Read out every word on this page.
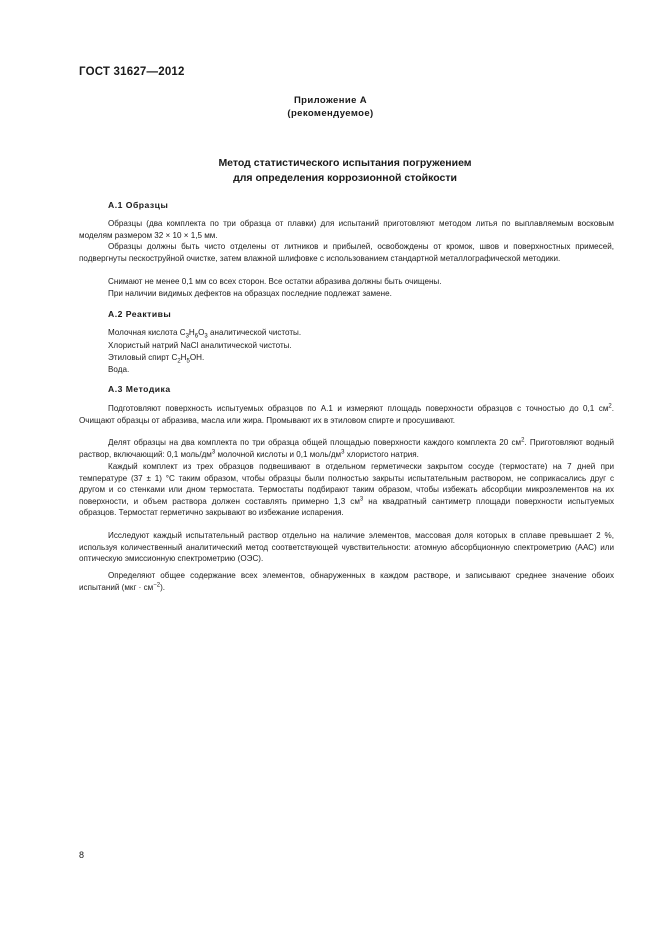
ГОСТ 31627—2012
Приложение А
(рекомендуемое)
Метод статистического испытания погружением
для определения коррозионной стойкости
А.1 Образцы
Образцы (два комплекта по три образца от плавки) для испытаний приготовляют методом литья по выплавляемым восковым моделям размером 32 × 10 × 1,5 мм.
Образцы должны быть чисто отделены от литников и прибылей, освобождены от кромок, швов и поверхностных примесей, подвергнуты пескоструйной очистке, затем влажной шлифовке с использованием стандартной металлографической методики.
Снимают не менее 0,1 мм со всех сторон. Все остатки абразива должны быть очищены.
При наличии видимых дефектов на образцах последние подлежат замене.
А.2 Реактивы
Молочная кислота $C_3H_6O_3$ аналитической чистоты.
Хлористый натрий NaCl аналитической чистоты.
Этиловый спирт $C_2H_5OH$.
Вода.
А.3 Методика
Подготовляют поверхность испытуемых образцов по А.1 и измеряют площадь поверхности образцов с точностью до 0,1 $см^2$. Очищают образцы от абразива, масла или жира. Промывают их в этиловом спирте и просушивают.
Делят образцы на два комплекта по три образца общей площадью поверхности каждого комплекта 20 $см^2$. Приготовляют водный раствор, включающий: 0,1 моль/$дм^3$ молочной кислоты и 0,1 моль/$дм^3$ хлористого натрия.
Каждый комплект из трех образцов подвешивают в отдельном герметически закрытом сосуде (термостате) на 7 дней при температуре (37 ± 1) °С таким образом, чтобы образцы были полностью закрыты испытательным раствором, не соприкасались друг с другом и со стенками или дном термостата. Термостаты подбирают таким образом, чтобы избежать абсорбции микроэлементов на их поверхности, и объем раствора должен составлять примерно 1,3 $см^3$ на квадратный сантиметр площади поверхности испытуемых образцов. Термостат герметично закрывают во избежание испарения.
Исследуют каждый испытательный раствор отдельно на наличие элементов, массовая доля которых в сплаве превышает 2 %, используя количественный аналитический метод соответствующей чувствительности: атомную абсорбционную спектрометрию (ААС) или оптическую эмиссионную спектрометрию (ОЭС).
Определяют общее содержание всех элементов, обнаруженных в каждом растворе, и записывают среднее значение обоих испытаний $(мкг \cdot см^{-2})$.
8
